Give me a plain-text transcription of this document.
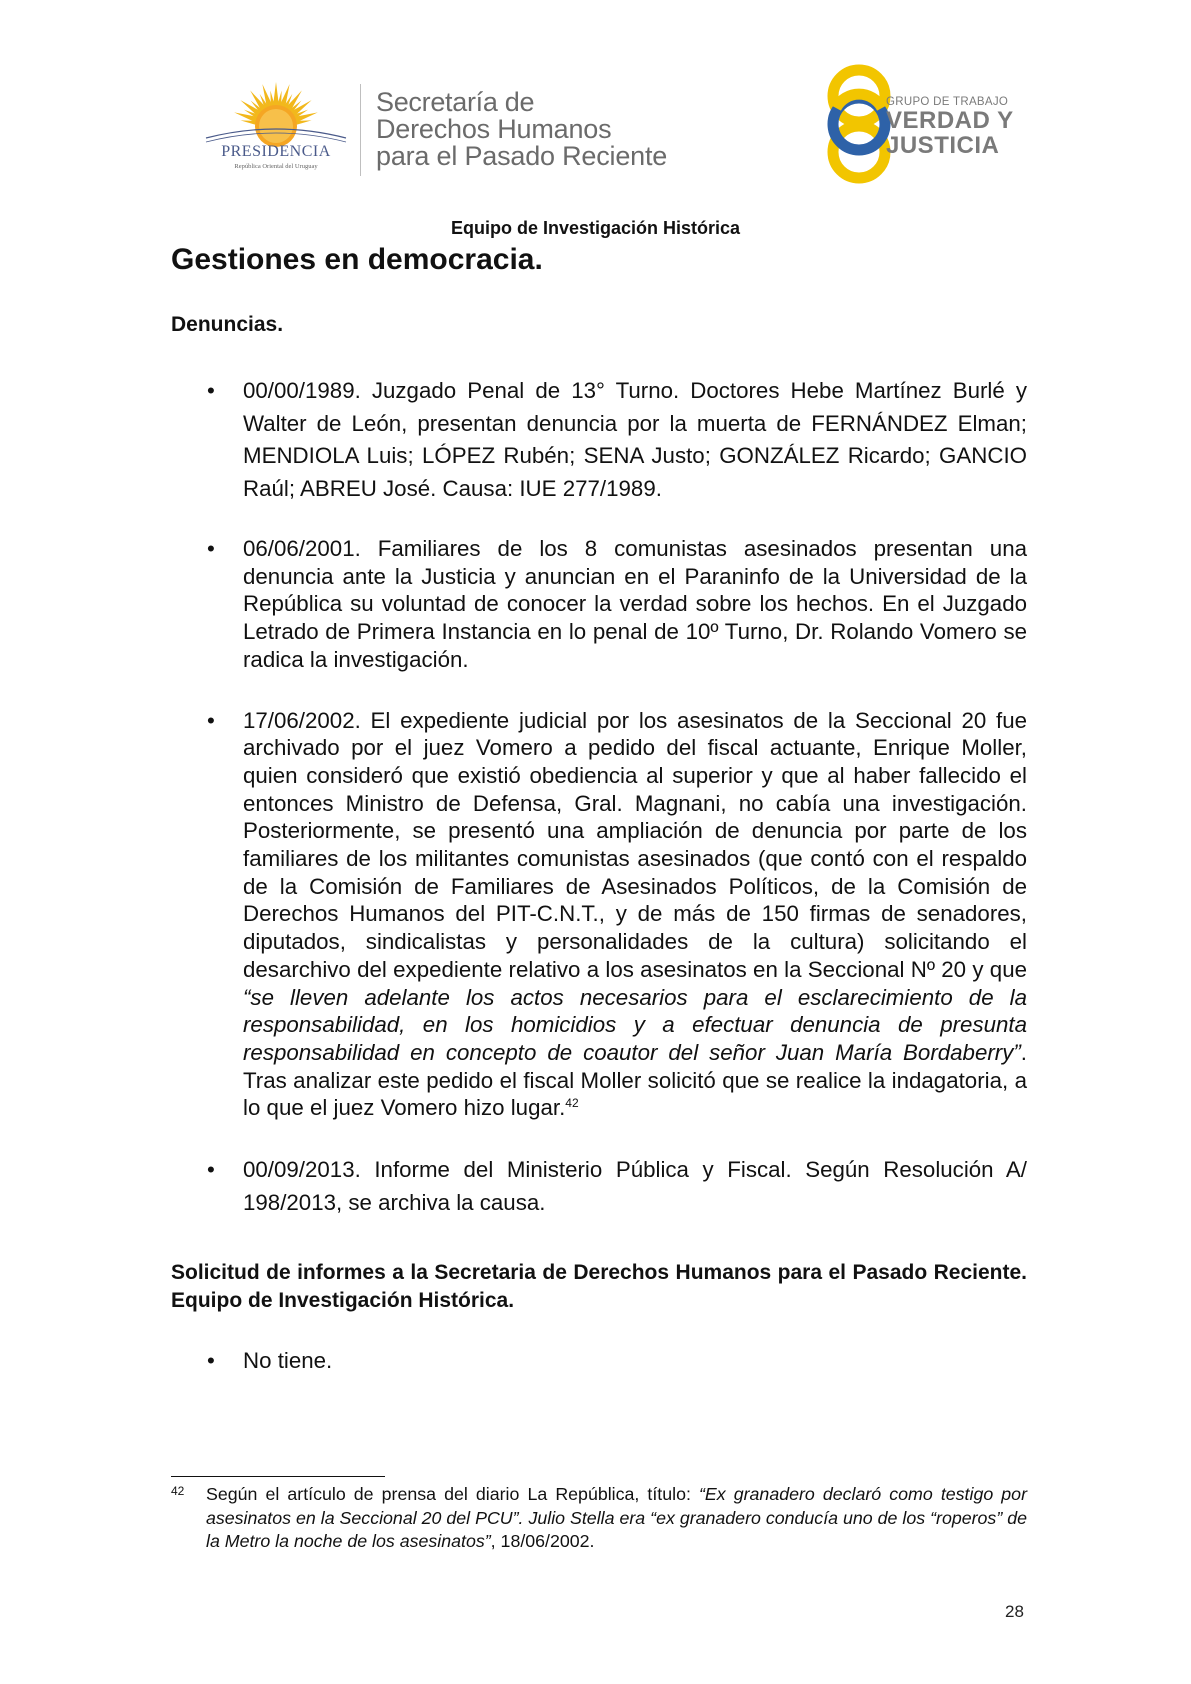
PRESIDENCIA
República Oriental del Uruguay
Secretaría de
Derechos Humanos
para el Pasado Reciente
GRUPO DE TRABAJO
VERDAD Y
JUSTICIA
Equipo de Investigación Histórica
Gestiones en democracia.
Denuncias.
• 00/00/1989. Juzgado Penal de 13° Turno. Doctores Hebe Martínez Burlé y Walter de León, presentan denuncia por la muerta de FERNÁNDEZ Elman; MENDIOLA Luis; LÓPEZ Rubén; SENA Justo; GONZÁLEZ Ricardo; GANCIO Raúl; ABREU José. Causa: IUE 277/1989.
• 06/06/2001. Familiares de los 8 comunistas asesinados presentan una denuncia ante la Justicia y anuncian en el Paraninfo de la Universidad de la República su voluntad de conocer la verdad sobre los hechos. En el Juzgado Letrado de Primera Instancia en lo penal de 10º Turno, Dr. Rolando Vomero se radica la investigación.
• 17/06/2002. El expediente judicial por los asesinatos de la Seccional 20 fue archivado por el juez Vomero a pedido del fiscal actuante, Enrique Moller, quien consideró que existió obediencia al superior y que al haber fallecido el entonces Ministro de Defensa, Gral. Magnani, no cabía una investigación. Posteriormente, se presentó una ampliación de denuncia por parte de los familiares de los militantes comunistas asesinados (que contó con el respaldo de la Comisión de Familiares de Asesinados Políticos, de la Comisión de Derechos Humanos del PIT-C.N.T., y de más de 150 firmas de senadores, diputados, sindicalistas y personalidades de la cultura) solicitando el desarchivo del expediente relativo a los asesinatos en la Seccional Nº 20 y que “se lleven adelante los actos necesarios para el esclarecimiento de la responsabilidad, en los homicidios y a efectuar denuncia de presunta responsabilidad en concepto de coautor del señor Juan María Bordaberry”. Tras analizar este pedido el fiscal Moller solicitó que se realice la indagatoria, a lo que el juez Vomero hizo lugar.$^{42}$
• 00/09/2013. Informe del Ministerio Pública y Fiscal. Según Resolución A/ 198/2013, se archiva la causa.
Solicitud de informes a la Secretaria de Derechos Humanos para el Pasado Reciente. Equipo de Investigación Histórica.
• No tiene.
42 Según el artículo de prensa del diario La República, título: “Ex granadero declaró como testigo por asesinatos en la Seccional 20 del PCU”. Julio Stella era “ex granadero conducía uno de los “roperos” de la Metro la noche de los asesinatos”, 18/06/2002.
28
